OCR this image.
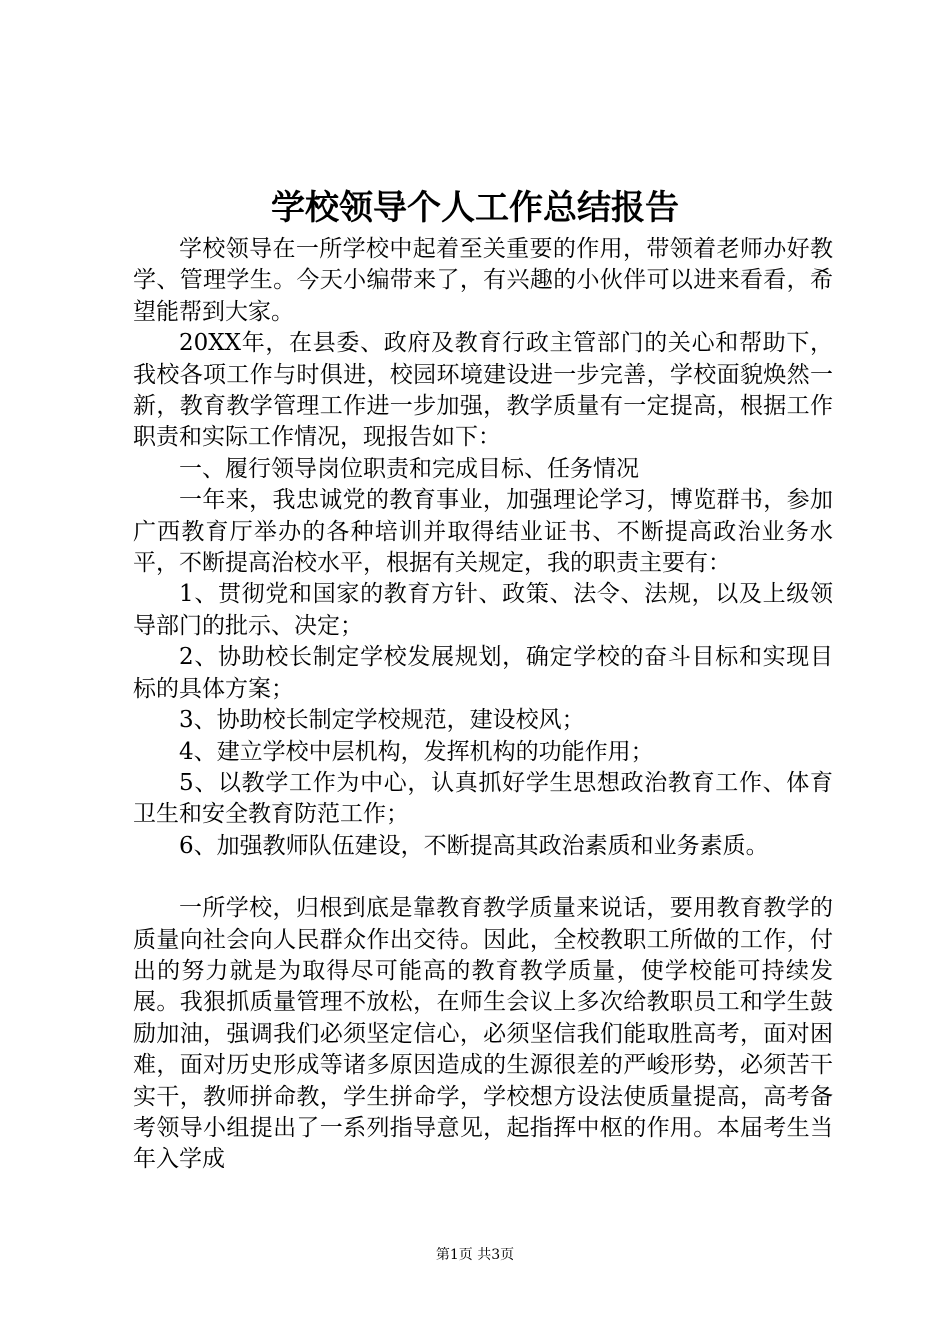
学校领导个人工作总结报告

学校领导在一所学校中起着至关重要的作用，带领着老师办好教学、管理学生。今天小编带来了，有兴趣的小伙伴可以进来看看，希望能帮到大家。

20XX年，在县委、政府及教育行政主管部门的关心和帮助下，我校各项工作与时俱进，校园环境建设进一步完善，学校面貌焕然一新，教育教学管理工作进一步加强，教学质量有一定提高，根据工作职责和实际工作情况，现报告如下：

一、履行领导岗位职责和完成目标、任务情况

一年来，我忠诚党的教育事业，加强理论学习，博览群书，参加广西教育厅举办的各种培训并取得结业证书、不断提高政治业务水平，不断提高治校水平，根据有关规定，我的职责主要有：

1、贯彻党和国家的教育方针、政策、法令、法规，以及上级领导部门的批示、决定；

2、协助校长制定学校发展规划，确定学校的奋斗目标和实现目标的具体方案；

3、协助校长制定学校规范，建设校风；

4、建立学校中层机构，发挥机构的功能作用；

5、以教学工作为中心，认真抓好学生思想政治教育工作、体育卫生和安全教育防范工作；

6、加强教师队伍建设，不断提高其政治素质和业务素质。

一所学校，归根到底是靠教育教学质量来说话，要用教育教学的质量向社会向人民群众作出交待。因此，全校教职工所做的工作，付出的努力就是为取得尽可能高的教育教学质量，使学校能可持续发展。我狠抓质量管理不放松，在师生会议上多次给教职员工和学生鼓励加油，强调我们必须坚定信心，必须坚信我们能取胜高考，面对困难，面对历史形成等诸多原因造成的生源很差的严峻形势，必须苦干实干，教师拼命教，学生拼命学，学校想方设法使质量提高，高考备考领导小组提出了一系列指导意见，起指挥中枢的作用。本届考生当年入学成

第1页 共3页
